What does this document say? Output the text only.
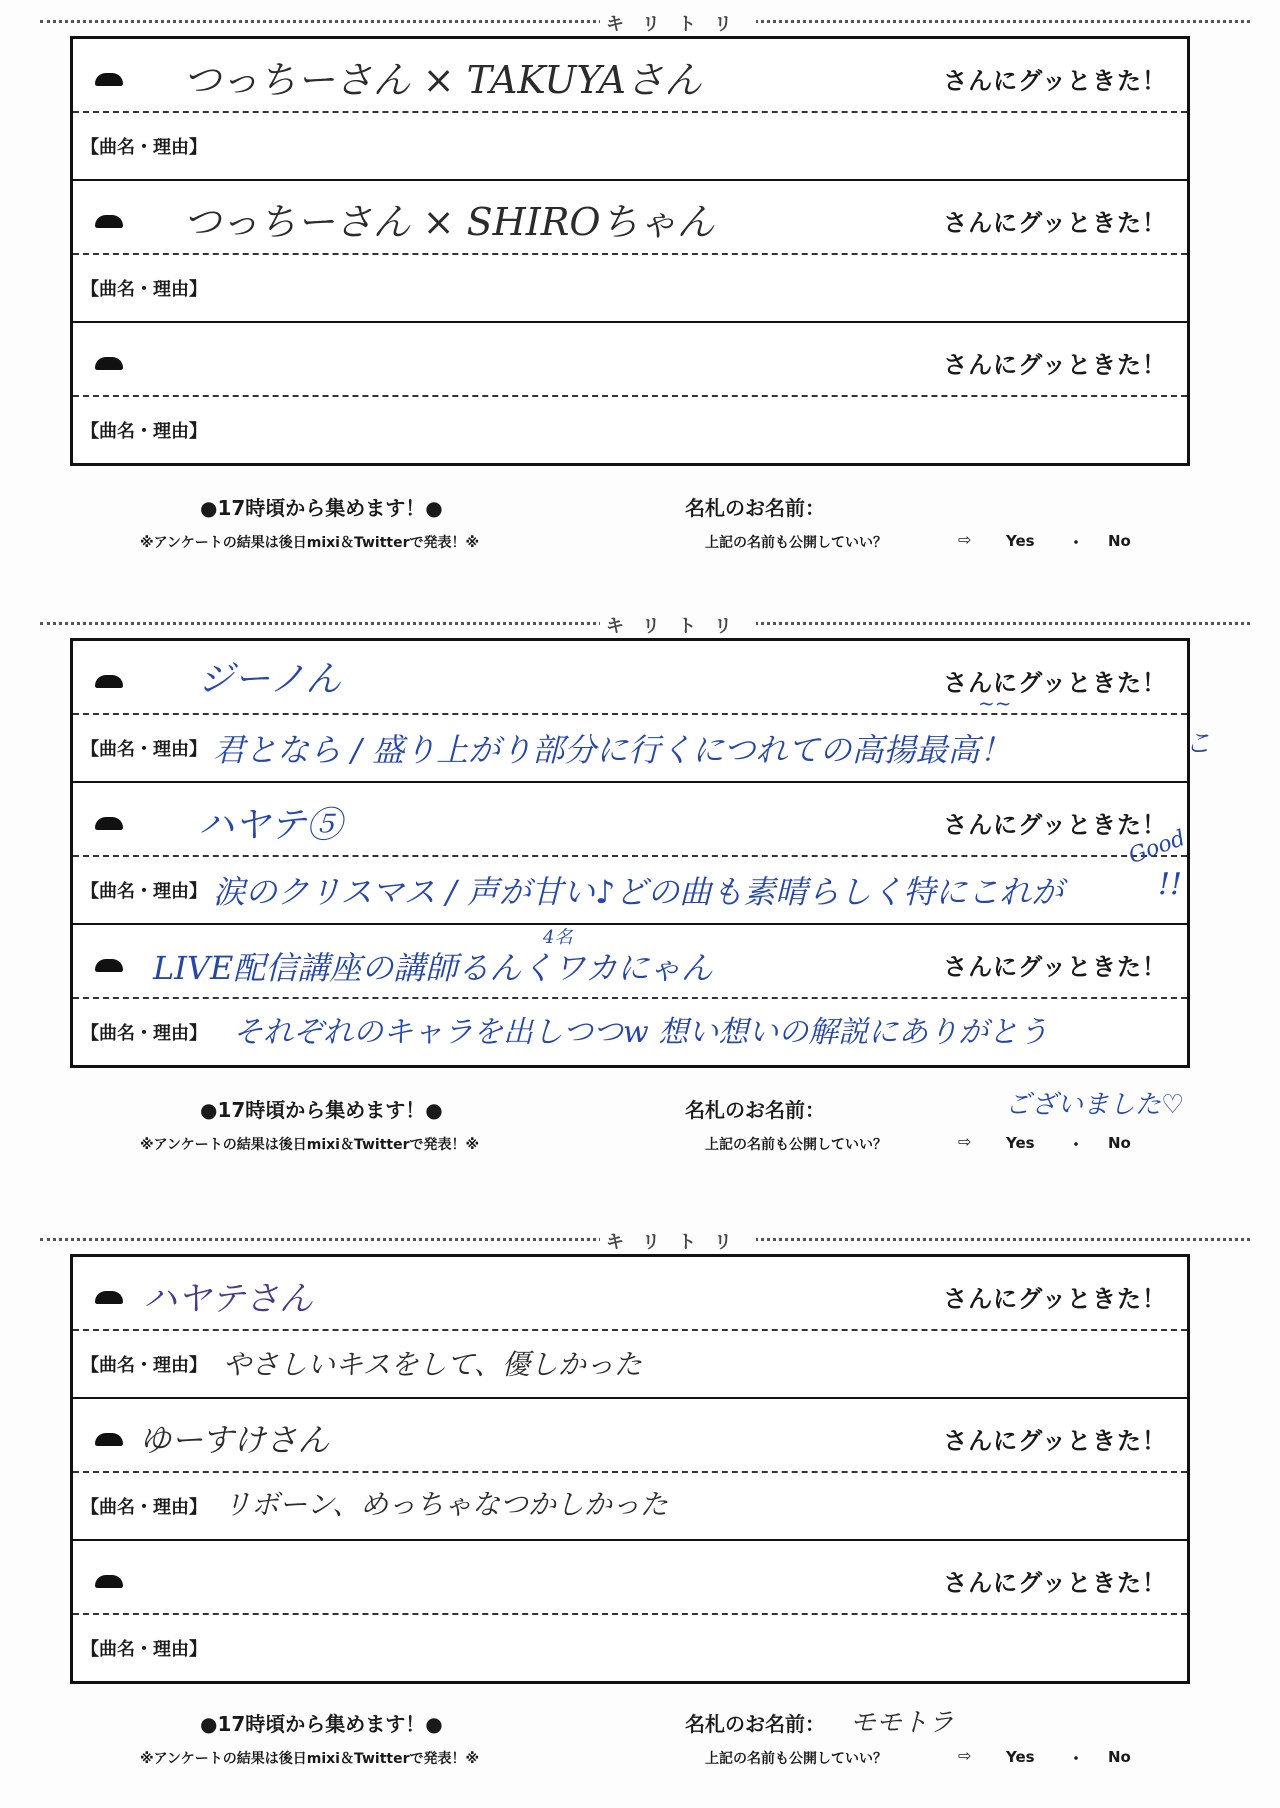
キリトリ
キリトリ
キリトリ
つっちーさん × TAKUYAさん	さんにグッときた！
【曲名・理由】
つっちーさん × SHIROちゃん	さんにグッときた！
【曲名・理由】
さんにグッときた！
【曲名・理由】
●17時頃から集めます！●
※アンケートの結果は後日mixi＆Twitterで発表！※
名札のお名前：
上記の名前も公開していい？	⇨ Yes ・ No
ジーノん	さんにグッときた！
【曲名・理由】 君となら / 盛り上がり部分に行くにつれての高揚最高！
~~
こ
ハヤテ⑤	さんにグッときた！
【曲名・理由】 涙のクリスマス / 声が甘い♪どの曲も素晴らしく特にこれが
Good
!!
LIVE配信講座の講師るんくワカにゃん
4名
さんにグッときた！
【曲名・理由】 それぞれのキャラを出しつつw 想い想いの解説にありがとう
●17時頃から集めます！●
※アンケートの結果は後日mixi＆Twitterで発表！※
名札のお名前：	ございました♡
上記の名前も公開していい？	⇨ Yes ・ No
ハヤテさん	さんにグッときた！
【曲名・理由】 やさしいキスをして、優しかった
ゆーすけさん	さんにグッときた！
【曲名・理由】 リボーン、めっちゃなつかしかった
さんにグッときた！
【曲名・理由】
●17時頃から集めます！●
※アンケートの結果は後日mixi＆Twitterで発表！※
名札のお名前： モモトラ
上記の名前も公開していい？	⇨ Yes ・ No
